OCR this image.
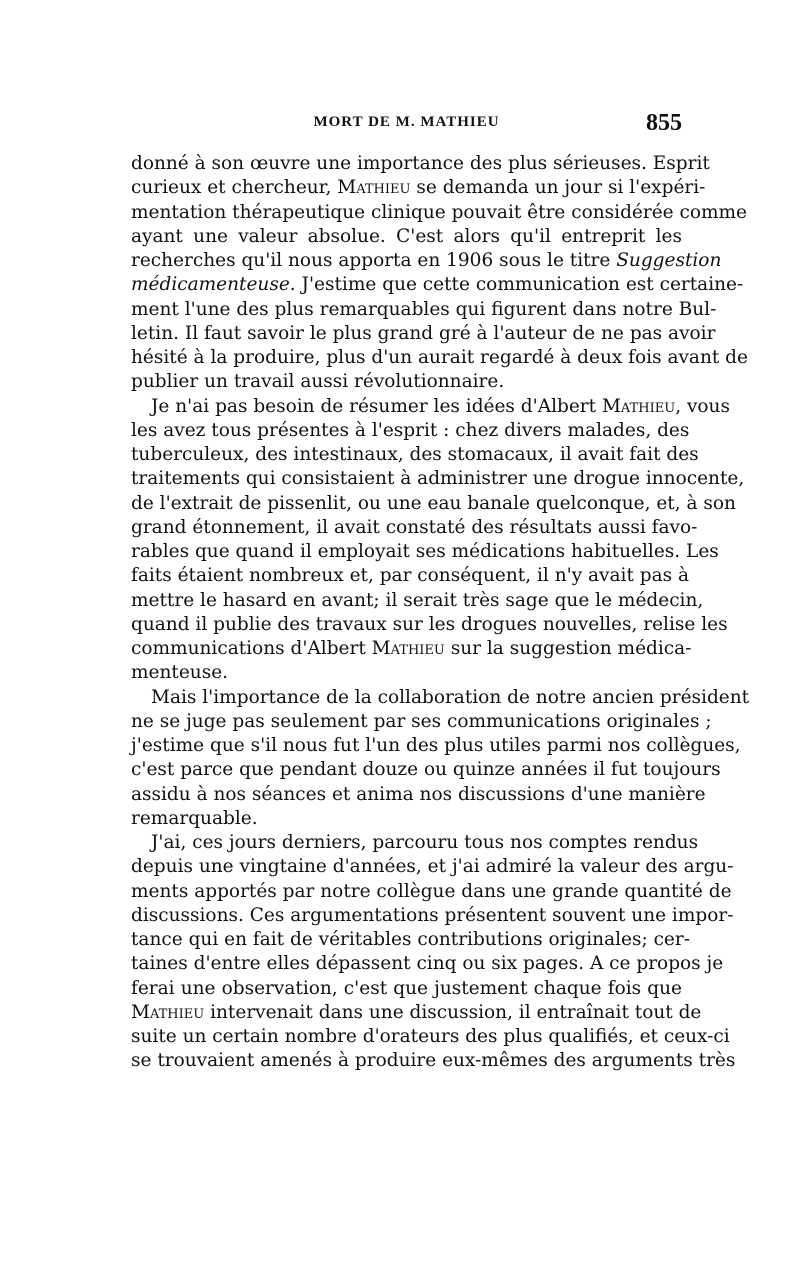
MORT DE M. MATHIEU	855
donné à son œuvre une importance des plus sérieuses. Esprit
curieux et chercheur, Mathieu se demanda un jour si l'expéri-
mentation thérapeutique clinique pouvait être considérée comme
ayant une valeur absolue. C'est alors qu'il entreprit les
recherches qu'il nous apporta en 1906 sous le titre Suggestion
médicamenteuse. J'estime que cette communication est certaine-
ment l'une des plus remarquables qui figurent dans notre Bul-
letin. Il faut savoir le plus grand gré à l'auteur de ne pas avoir
hésité à la produire, plus d'un aurait regardé à deux fois avant de
publier un travail aussi révolutionnaire.
Je n'ai pas besoin de résumer les idées d'Albert Mathieu, vous
les avez tous présentes à l'esprit : chez divers malades, des
tuberculeux, des intestinaux, des stomacaux, il avait fait des
traitements qui consistaient à administrer une drogue innocente,
de l'extrait de pissenlit, ou une eau banale quelconque, et, à son
grand étonnement, il avait constaté des résultats aussi favo-
rables que quand il employait ses médications habituelles. Les
faits étaient nombreux et, par conséquent, il n'y avait pas à
mettre le hasard en avant; il serait très sage que le médecin,
quand il publie des travaux sur les drogues nouvelles, relise les
communications d'Albert Mathieu sur la suggestion médica-
menteuse.
Mais l'importance de la collaboration de notre ancien président
ne se juge pas seulement par ses communications originales ;
j'estime que s'il nous fut l'un des plus utiles parmi nos collègues,
c'est parce que pendant douze ou quinze années il fut toujours
assidu à nos séances et anima nos discussions d'une manière
remarquable.
J'ai, ces jours derniers, parcouru tous nos comptes rendus
depuis une vingtaine d'années, et j'ai admiré la valeur des argu-
ments apportés par notre collègue dans une grande quantité de
discussions. Ces argumentations présentent souvent une impor-
tance qui en fait de véritables contributions originales; cer-
taines d'entre elles dépassent cinq ou six pages. A ce propos je
ferai une observation, c'est que justement chaque fois que
Mathieu intervenait dans une discussion, il entraînait tout de
suite un certain nombre d'orateurs des plus qualifiés, et ceux-ci
se trouvaient amenés à produire eux-mêmes des arguments très
